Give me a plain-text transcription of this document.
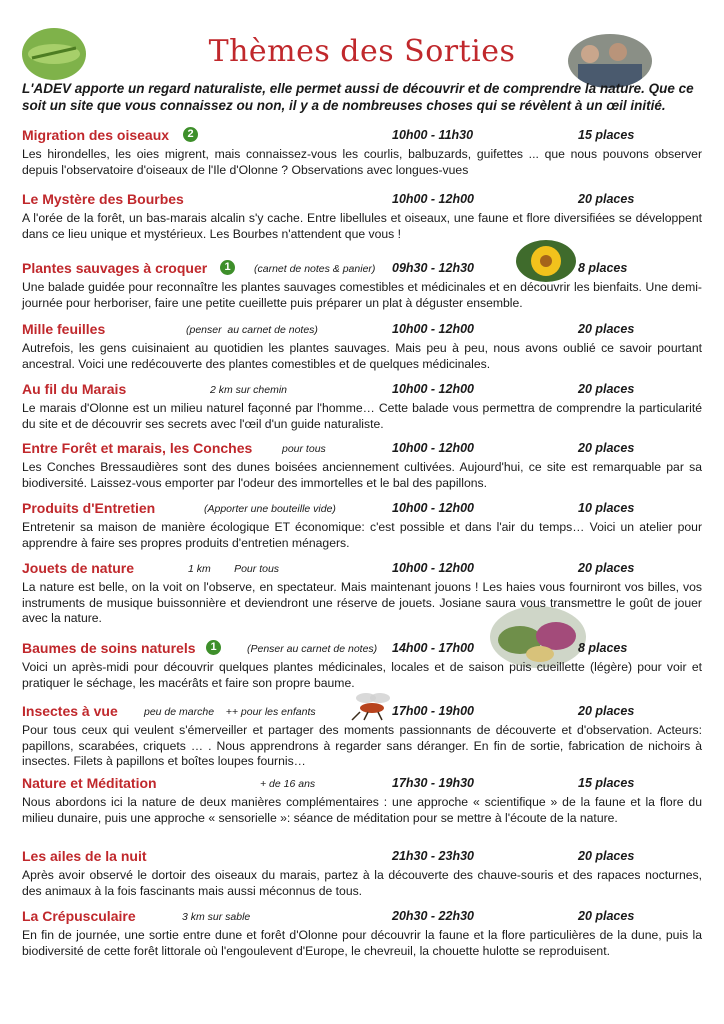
Thèmes des Sorties
L'ADEV apporte un regard naturaliste, elle permet aussi de découvrir et de comprendre la nature. Que ce soit un site que vous connaissez ou non, il y a de nombreuses choses qui se révèlent à un œil initié.
Migration des oiseaux	2	10h00 - 11h30	15 places
Les hirondelles, les oies migrent, mais connaissez-vous les courlis, balbuzards, guifettes ... que nous pouvons observer depuis l'observatoire d'oiseaux de l'Ile d'Olonne ? Observations avec longues-vues
Le Mystère des Bourbes	10h00 - 12h00	20 places
A l'orée de la forêt, un bas-marais alcalin s'y cache. Entre libellules et oiseaux, une faune et flore diversifiées se développent dans ce lieu unique et mystérieux. Les Bourbes n'attendent que vous !
Plantes sauvages à croquer	1	(carnet de notes & panier) 09h30 - 12h30	8 places
Une balade guidée pour reconnaître les plantes sauvages comestibles et médicinales et en découvrir les bienfaits. Une demi-journée pour herboriser, faire une petite cueillette puis préparer un plat à déguster ensemble.
Mille feuilles	(penser  au carnet de notes)	10h00 - 12h00	20 places
Autrefois, les gens cuisinaient au quotidien les plantes sauvages. Mais peu à peu, nous avons oublié ce savoir pourtant ancestral. Voici une redécouverte des plantes comestibles et de quelques médicinales.
Au fil du Marais	2 km sur chemin	10h00 - 12h00	20 places
Le marais d'Olonne est un milieu naturel façonné par l'homme… Cette balade vous permettra de comprendre la particularité du site et de découvrir ses secrets avec l'œil d'un guide naturaliste.
Entre Forêt et marais, les Conches	pour tous	10h00 - 12h00	20 places
Les Conches Bressaudières sont des dunes boisées anciennement cultivées. Aujourd'hui, ce site est remarquable par sa biodiversité. Laissez-vous emporter par l'odeur des immortelles et le bal des papillons.
Produits d'Entretien	(Apporter une bouteille vide)	10h00 - 12h00	10 places
Entretenir sa maison de manière écologique ET économique: c'est possible et dans l'air du temps… Voici un atelier pour apprendre à faire ses propres produits d'entretien ménagers.
Jouets de nature	1 km        Pour tous	10h00 - 12h00	20 places
La nature est belle, on la voit on l'observe, en spectateur. Mais maintenant jouons ! Les haies vous fourniront vos billes, vos instruments de musique buissonnière et deviendront une réserve de jouets. Josiane saura vous transmettre le goût de jouer avec la nature.
Baumes de soins naturels	1	(Penser au carnet de notes) 14h00 - 17h00	8 places
Voici un après-midi pour découvrir quelques plantes médicinales, locales et de saison puis cueillette (légère) pour voir et pratiquer le séchage, les macérâts et faire son propre baume.
Insectes à vue	peu de marche    ++ pour les enfants	17h00 - 19h00	20 places
Pour tous ceux qui veulent s'émerveiller et partager des moments passionnants de découverte et d'observation. Acteurs: papillons, scarabées, criquets … . Nous apprendrons à regarder sans déranger. En fin de sortie, fabrication de nichoirs à insectes. Filets à papillons et boîtes loupes fournis…
Nature et Méditation	+ de 16 ans	17h30 - 19h30	15 places
Nous abordons ici la nature de deux manières complémentaires : une approche « scientifique » de la faune et la flore du milieu dunaire, puis une approche « sensorielle »: séance de méditation pour se mettre à l'écoute de la nature.
Les ailes de la nuit	21h30 - 23h30	20 places
Après avoir observé le dortoir des oiseaux du marais, partez à la découverte des chauve-souris et des rapaces nocturnes, des animaux à la fois fascinants mais aussi méconnus de tous.
La Crépusculaire	3 km sur sable	20h30 - 22h30	20 places
En fin de journée, une sortie entre dune et forêt d'Olonne pour découvrir la faune et la flore particulières de la dune, puis la biodiversité de cette forêt littorale où l'engoulevent d'Europe, le chevreuil, la chouette hulotte se reproduisent.
